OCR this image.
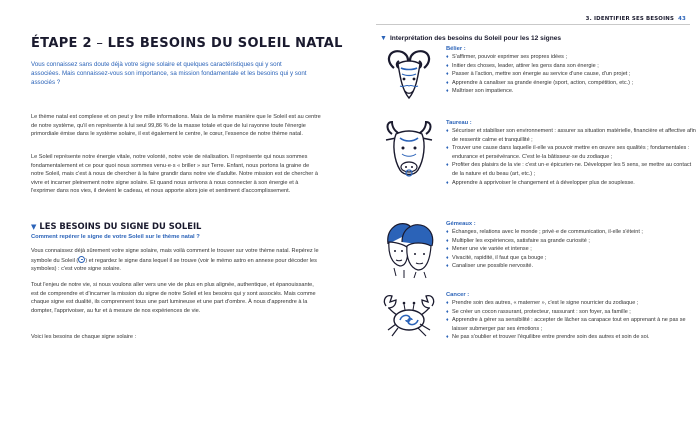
ÉTAPE 2 – LES BESOINS DU SOLEIL NATAL

Vous connaissez sans doute déjà votre signe solaire et quelques caractéristiques qui y sont associées. Mais connaissez-vous son importance, sa mission fondamentale et les besoins qui y sont associés ?

Le thème natal est complexe et on peut y lire mille informations. Mais de la même manière que le Soleil est au centre de notre système, qu'il en représente à lui seul 99,86 % de la masse totale et que de lui rayonne toute l'énergie primordiale émise dans le système solaire, il est également le centre, le cœur, l'essence de notre thème natal.

Le Soleil représente notre énergie vitale, notre volonté, notre voie de réalisation. Il représente qui nous sommes fondamentalement et ce pour quoi nous sommes venu·e·s « briller » sur Terre. Enfant, nous portons la graine de notre Soleil, mais c'est à nous de chercher à la faire grandir dans notre vie d'adulte. Notre mission est de chercher à vivre et incarner pleinement notre signe solaire. Et quand nous arrivons à nous connecter à son énergie et à l'exprimer dans nos vies, il devient le cadeau, et nous apporte alors joie et sentiment d'accomplissement.

▼ LES BESOINS DU SIGNE DU SOLEIL
Comment repérer le signe de votre Soleil sur le thème natal ?

Vous connaissez déjà sûrement votre signe solaire, mais voilà comment le trouver sur votre thème natal. Repérez le symbole du Soleil ( ) et regardez le signe dans lequel il se trouve (voir le mémo astro en annexe pour décoder les symboles) : c'est votre signe solaire.

Tout l'enjeu de notre vie, si nous voulons aller vers une vie de plus en plus alignée, authentique, et épanouissante, est de comprendre et d'incarner la mission du signe de notre Soleil et les besoins qui y sont associés. Mais comme chaque signe est dualité, ils comprennent tous une part lumineuse et une part d'ombre. À nous d'apprendre à la dompter, l'apprivoiser, au fur et à mesure de nos expériences de vie.

Voici les besoins de chaque signe solaire :

3. IDENTIFIER SES BESOINS 43
▼ Interprétation des besoins du Soleil pour les 12 signes
Bélier :
♦ S'affirmer, pouvoir exprimer ses propres idées ;
♦ Initier des choses, leader, attirer les gens dans son énergie ;
♦ Passer à l'action, mettre son énergie au service d'une cause, d'un projet ;
♦ Apprendre à canaliser sa grande énergie (sport, action, compétition, etc.) ;
♦ Maîtriser son impatience.
Taureau :
♦ Sécuriser et stabiliser son environnement : assurer sa situation matérielle, financière et affective afin de ressentir calme et tranquillité ;
♦ Trouver une cause dans laquelle il·elle va pouvoir mettre en œuvre ses qualités ; fondamentales : endurance et persévérance. C'est le·la bâtisseur·se du zodiaque ;
♦ Profiter des plaisirs de la vie : c'est un·e épicurien·ne. Développer les 5 sens, se mettre au contact de la nature et du beau (art, etc.) ;
♦ Apprendre à apprivoiser le changement et à développer plus de souplesse.
Gémeaux :
♦ Échanges, relations avec le monde ; privé·e de communication, il·elle s'éteint ;
♦ Multiplier les expériences, satisfaire sa grande curiosité ;
♦ Mener une vie variée et intense ;
♦ Vivacité, rapidité, il faut que ça bouge ;
♦ Canaliser une possible nervosité.
Cancer :
♦ Prendre soin des autres, « materner », c'est le signe nourricier du zodiaque ;
♦ Se créer un cocon rassurant, protecteur, rassurant : son foyer, sa famille ;
♦ Apprendre à gérer sa sensibilité : accepter de lâcher sa carapace tout en apprenant à ne pas se laisser submerger par ses émotions ;
♦ Ne pas s'oublier et trouver l'équilibre entre prendre soin des autres et soin de soi.
